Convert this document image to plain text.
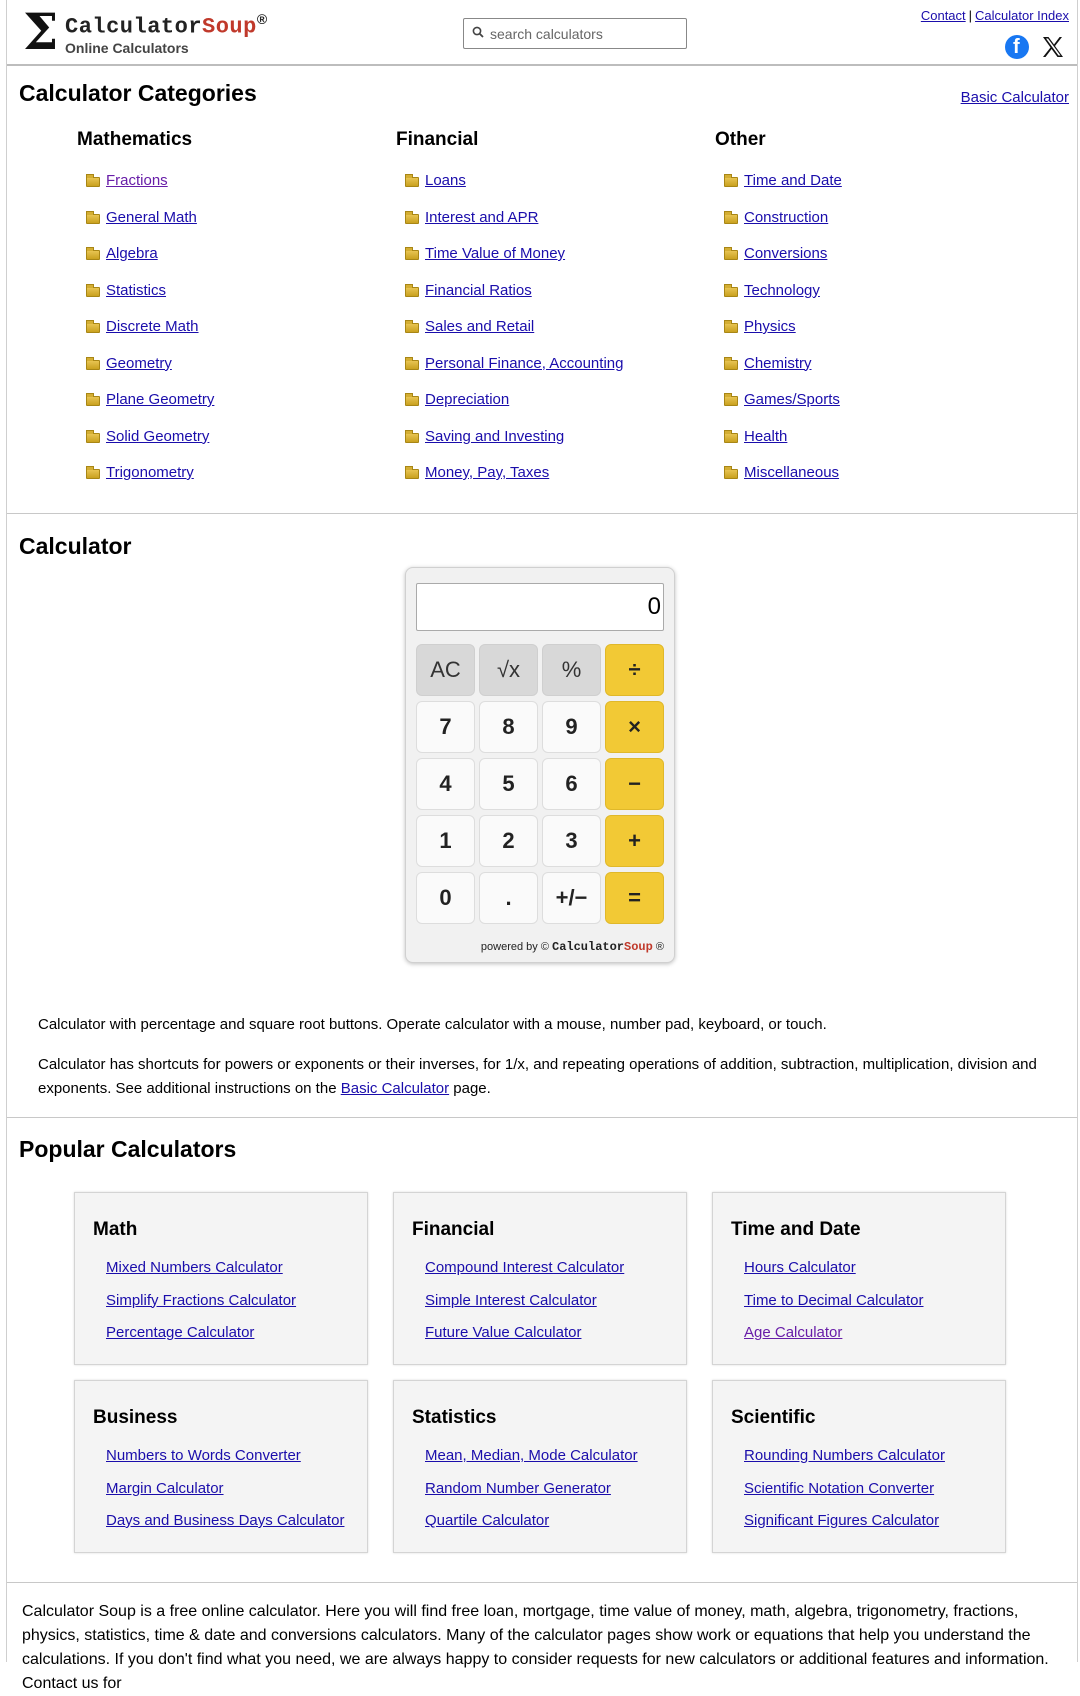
Σ CalculatorSoup®
Online Calculators
search calculators
Contact | Calculator Index
f
Calculator Categories	Basic Calculator
Mathematics
Fractions
General Math
Algebra
Statistics
Discrete Math
Geometry
Plane Geometry
Solid Geometry
Trigonometry
Financial
Loans
Interest and APR
Time Value of Money
Financial Ratios
Sales and Retail
Personal Finance, Accounting
Depreciation
Saving and Investing
Money, Pay, Taxes
Other
Time and Date
Construction
Conversions
Technology
Physics
Chemistry
Games/Sports
Health
Miscellaneous
Calculator
0
AC	√x	%	÷
7	8	9	×
4	5	6	−
1	2	3	+
0	.	+/−	=
powered by © CalculatorSoup ®

Calculator with percentage and square root buttons. Operate calculator with a mouse, number pad, keyboard, or touch.

Calculator has shortcuts for powers or exponents or their inverses, for 1/x, and repeating operations of addition, subtraction, multiplication, division and exponents. See additional instructions on the Basic Calculator page.

Popular Calculators
Math
Mixed Numbers Calculator
Simplify Fractions Calculator
Percentage Calculator
Financial
Compound Interest Calculator
Simple Interest Calculator
Future Value Calculator
Time and Date
Hours Calculator
Time to Decimal Calculator
Age Calculator
Business
Numbers to Words Converter
Margin Calculator
Days and Business Days Calculator
Statistics
Mean, Median, Mode Calculator
Random Number Generator
Quartile Calculator
Scientific
Rounding Numbers Calculator
Scientific Notation Converter
Significant Figures Calculator

Calculator Soup is a free online calculator. Here you will find free loan, mortgage, time value of money, math, algebra, trigonometry, fractions, physics, statistics, time & date and conversions calculators. Many of the calculator pages show work or equations that help you understand the calculations. If you don't find what you need, we are always happy to consider requests for new calculators or additional features and information. Contact us for
